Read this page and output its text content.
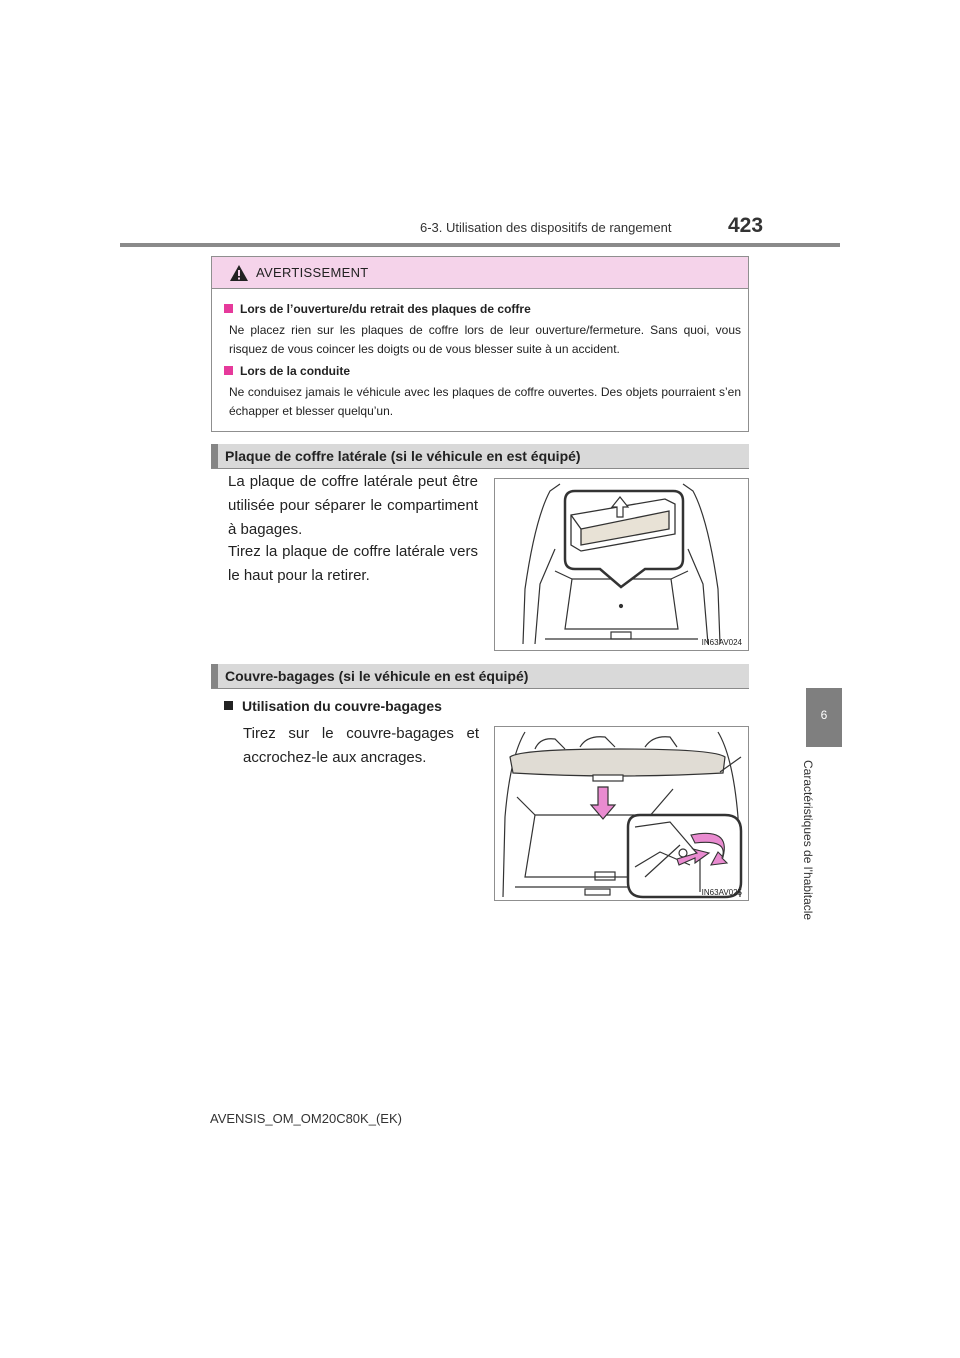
6-3. Utilisation des dispositifs de rangement	423
6
Caractéristiques de l’habitacle
AVERTISSEMENT
Lors de l’ouverture/du retrait des plaques de coffre
Ne placez rien sur les plaques de coffre lors de leur ouverture/fermeture. Sans quoi, vous risquez de vous coincer les doigts ou de vous blesser suite à un accident.
Lors de la conduite
Ne conduisez jamais le véhicule avec les plaques de coffre ouvertes. Des objets pourraient s’en échapper et blesser quelqu’un.
Plaque de coffre latérale (si le véhicule en est équipé)
La plaque de coffre latérale peut être utilisée pour séparer le compartiment à bagages.
Tirez la plaque de coffre latérale vers le haut pour la retirer.
IN63AV024
Couvre-bagages (si le véhicule en est équipé)
Utilisation du couvre-bagages
Tirez sur le couvre-bagages et accrochez-le aux ancrages.
IN63AV025
AVENSIS_OM_OM20C80K_(EK)
